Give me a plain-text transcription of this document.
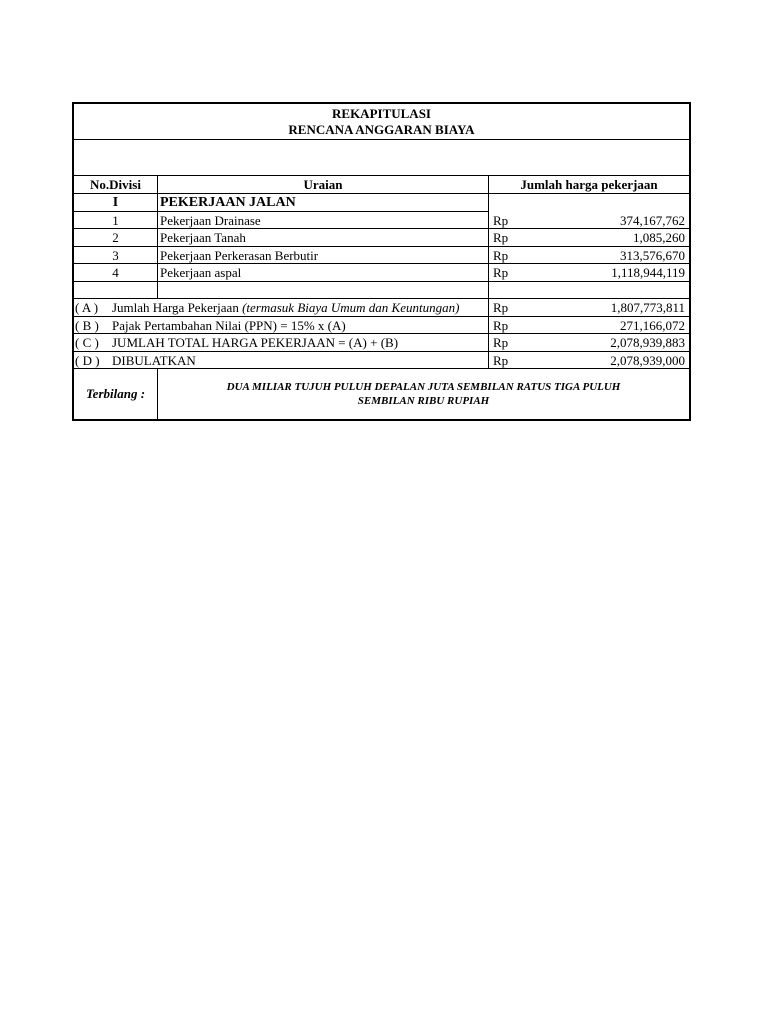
REKAPITULASI
RENCANA ANGGARAN BIAYA
No.Divisi	Uraian	Jumlah harga pekerjaan
I	PEKERJAAN JALAN
1	Pekerjaan Drainase	Rp	374,167,762
2	Pekerjaan Tanah	Rp	1,085,260
3	Pekerjaan Perkerasan Berbutir	Rp	313,576,670
4	Pekerjaan aspal	Rp	1,118,944,119
( A ) Jumlah Harga Pekerjaan (termasuk Biaya Umum dan Keuntungan)	Rp	1,807,773,811
( B ) Pajak Pertambahan Nilai (PPN) = 15% x (A)	Rp	271,166,072
( C ) JUMLAH TOTAL HARGA PEKERJAAN = (A) + (B)	Rp	2,078,939,883
( D ) DIBULATKAN	Rp	2,078,939,000
Terbilang :	DUA MILIAR TUJUH PULUH DEPALAN JUTA SEMBILAN RATUS TIGA PULUH
SEMBILAN RIBU RUPIAH
